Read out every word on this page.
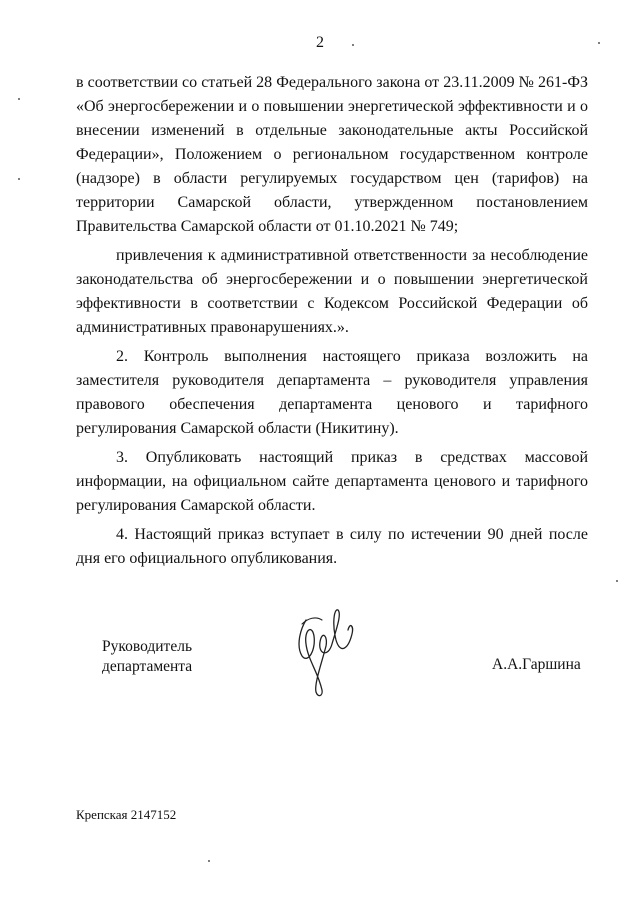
2

в соответствии со статьей 28 Федерального закона от 23.11.2009 № 261-ФЗ «Об энергосбережении и о повышении энергетической эффективности и о внесении изменений в отдельные законодательные акты Российской Федерации», Положением о региональном государственном контроле (надзоре) в области регулируемых государством цен (тарифов) на территории Самарской области, утвержденном постановлением Правительства Самарской области от 01.10.2021 № 749;

привлечения к административной ответственности за несоблюдение законодательства об энергосбережении и о повышении энергетической эффективности в соответствии с Кодексом Российской Федерации об административных правонарушениях.».

2. Контроль выполнения настоящего приказа возложить на заместителя руководителя департамента – руководителя управления правового обеспечения департамента ценового и тарифного регулирования Самарской области (Никитину).

3. Опубликовать настоящий приказ в средствах массовой информации, на официальном сайте департамента ценового и тарифного регулирования Самарской области.

4. Настоящий приказ вступает в силу по истечении 90 дней после дня его официального опубликования.

Руководитель
департамента	А.А.Гаршина
Крепская 2147152
